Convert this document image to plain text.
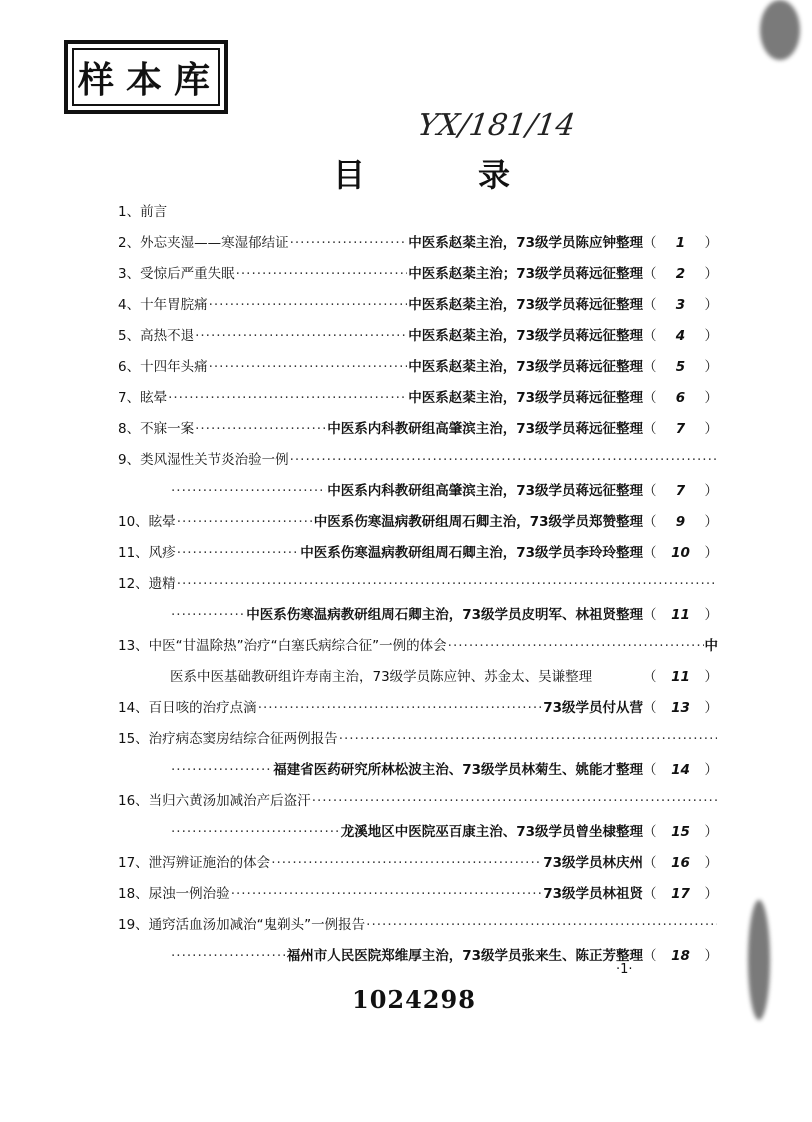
样 本 库
YX/181/14
目	录
1、前言
2、外忘夹湿——寒湿郁结证 ·····	中医系赵棻主治，73级学员陈应钟整理 （ 1 ）
3、受惊后严重失眠 ·····	中医系赵棻主治；73级学员蒋远征整理 （ 2 ）
4、十年胃脘痛 ·····	中医系赵棻主治，73级学员蒋远征整理 （ 3 ）
5、高热不退 ·····	中医系赵棻主治，73级学员蒋远征整理 （ 4 ）
6、十四年头痛 ·····	中医系赵棻主治，73级学员蒋远征整理 （ 5 ）
7、眩晕 ·····	中医系赵棻主治，73级学员蒋远征整理 （ 6 ）
8、不寐一案 ·····	中医系内科教研组高肇滨主治，73级学员蒋远征整理 （ 7 ）
9、类风湿性关节炎治验一例
·····
·····
中医系内科教研组高肇滨主治，73级学员蒋远征整理 （ 7 ）
10、眩晕 ·····	中医系伤寒温病教研组周石卿主治，73级学员郑赞整理 （ 9 ）
11、风疹 ·····	中医系伤寒温病教研组周石卿主治，73级学员李玲玲整理 （ 10 ）
12、遗精
·····
·····
中医系伤寒温病教研组周石卿主治，73级学员皮明军、林祖贤整理 （ 11 ）
13、中医“甘温除热”治疗“白塞氏病综合征”一例的体会 ·····	中
医系中医基础教研组许寿南主治，73级学员陈应钟、苏金太、吴谦整理	（ 11 ）
14、百日咳的治疗点滴 ·····	73级学员付从营 （ 13 ）
15、治疗病态窦房结综合征两例报告
·····
·····
福建省医药研究所林松波主治、73级学员林菊生、姚能才整理 （ 14 ）
16、当归六黄汤加减治产后盗汗
·····
·····
龙溪地区中医院巫百康主治、73级学员曾坐棣整理 （ 15 ）
17、泄泻辨证施治的体会 ·····	73级学员林庆州 （ 16 ）
18、尿浊一例治验 ·····	73级学员林祖贤 （ 17 ）
19、通窍活血汤加减治“鬼剃头”一例报告
·····
·····
福州市人民医院郑维厚主治，73级学员张来生、陈正芳整理 （ 18 ）
·1·
1024298
